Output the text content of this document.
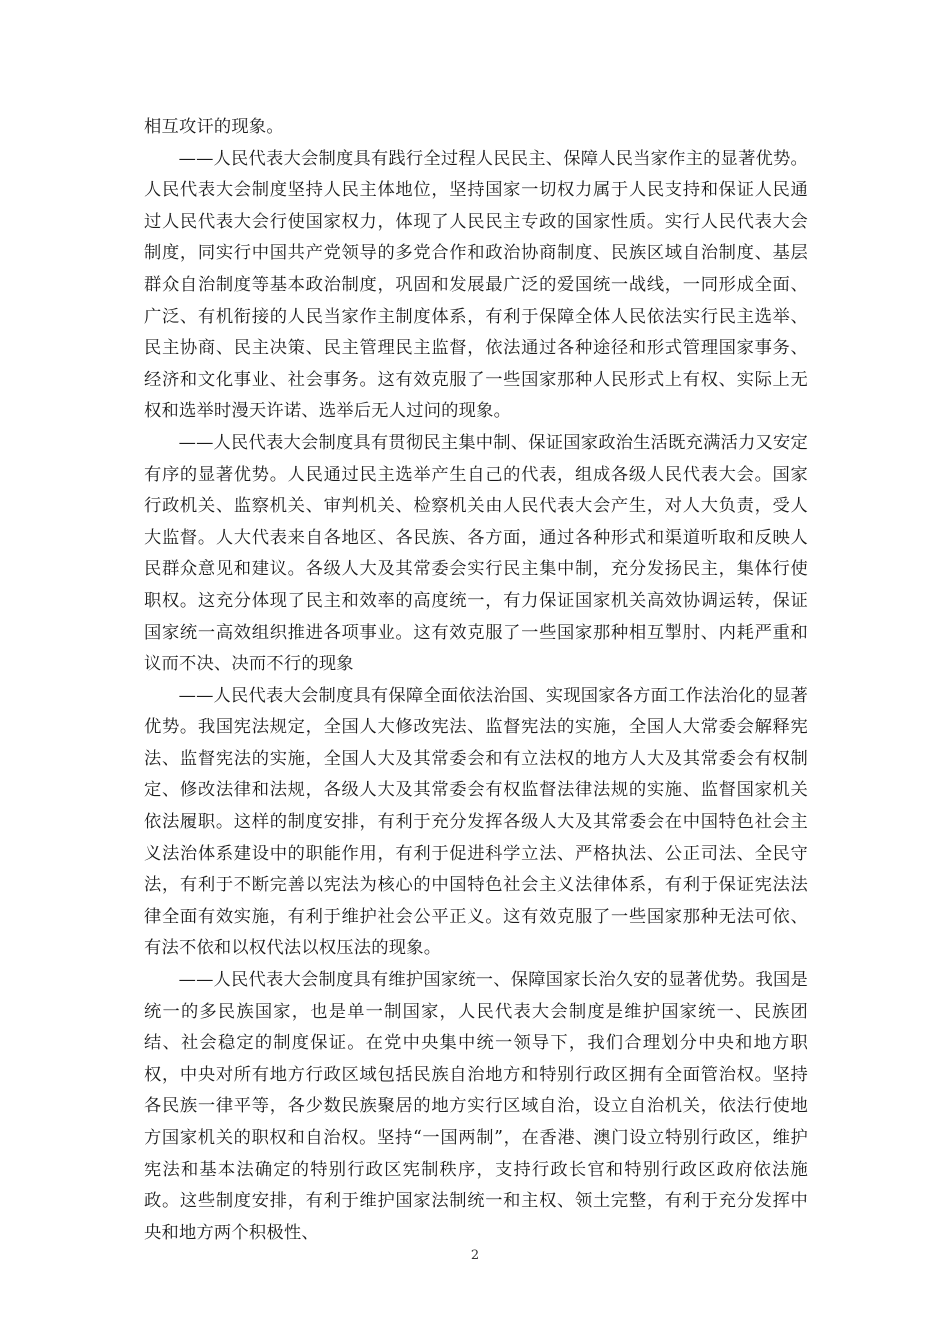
相互攻讦的现象。

——人民代表大会制度具有践行全过程人民民主、保障人民当家作主的显著优势。人民代表大会制度坚持人民主体地位，坚持国家一切权力属于人民支持和保证人民通过人民代表大会行使国家权力，体现了人民民主专政的国家性质。实行人民代表大会制度，同实行中国共产党领导的多党合作和政治协商制度、民族区域自治制度、基层群众自治制度等基本政治制度，巩固和发展最广泛的爱国统一战线，一同形成全面、广泛、有机衔接的人民当家作主制度体系，有利于保障全体人民依法实行民主选举、民主协商、民主决策、民主管理民主监督，依法通过各种途径和形式管理国家事务、经济和文化事业、社会事务。这有效克服了一些国家那种人民形式上有权、实际上无权和选举时漫天许诺、选举后无人过问的现象。

——人民代表大会制度具有贯彻民主集中制、保证国家政治生活既充满活力又安定有序的显著优势。人民通过民主选举产生自己的代表，组成各级人民代表大会。国家行政机关、监察机关、审判机关、检察机关由人民代表大会产生，对人大负责，受人大监督。人大代表来自各地区、各民族、各方面，通过各种形式和渠道听取和反映人民群众意见和建议。各级人大及其常委会实行民主集中制，充分发扬民主，集体行使职权。这充分体现了民主和效率的高度统一，有力保证国家机关高效协调运转，保证国家统一高效组织推进各项事业。这有效克服了一些国家那种相互掣肘、内耗严重和议而不决、决而不行的现象

——人民代表大会制度具有保障全面依法治国、实现国家各方面工作法治化的显著优势。我国宪法规定，全国人大修改宪法、监督宪法的实施，全国人大常委会解释宪法、监督宪法的实施，全国人大及其常委会和有立法权的地方人大及其常委会有权制定、修改法律和法规，各级人大及其常委会有权监督法律法规的实施、监督国家机关依法履职。这样的制度安排，有利于充分发挥各级人大及其常委会在中国特色社会主义法治体系建设中的职能作用，有利于促进科学立法、严格执法、公正司法、全民守法，有利于不断完善以宪法为核心的中国特色社会主义法律体系，有利于保证宪法法律全面有效实施，有利于维护社会公平正义。这有效克服了一些国家那种无法可依、有法不依和以权代法以权压法的现象。

——人民代表大会制度具有维护国家统一、保障国家长治久安的显著优势。我国是统一的多民族国家，也是单一制国家，人民代表大会制度是维护国家统一、民族团结、社会稳定的制度保证。在党中央集中统一领导下，我们合理划分中央和地方职权，中央对所有地方行政区域包括民族自治地方和特别行政区拥有全面管治权。坚持各民族一律平等，各少数民族聚居的地方实行区域自治，设立自治机关，依法行使地方国家机关的职权和自治权。坚持“一国两制”，在香港、澳门设立特别行政区，维护宪法和基本法确定的特别行政区宪制秩序，支持行政长官和特别行政区政府依法施政。这些制度安排，有利于维护国家法制统一和主权、领土完整，有利于充分发挥中央和地方两个积极性、

2
